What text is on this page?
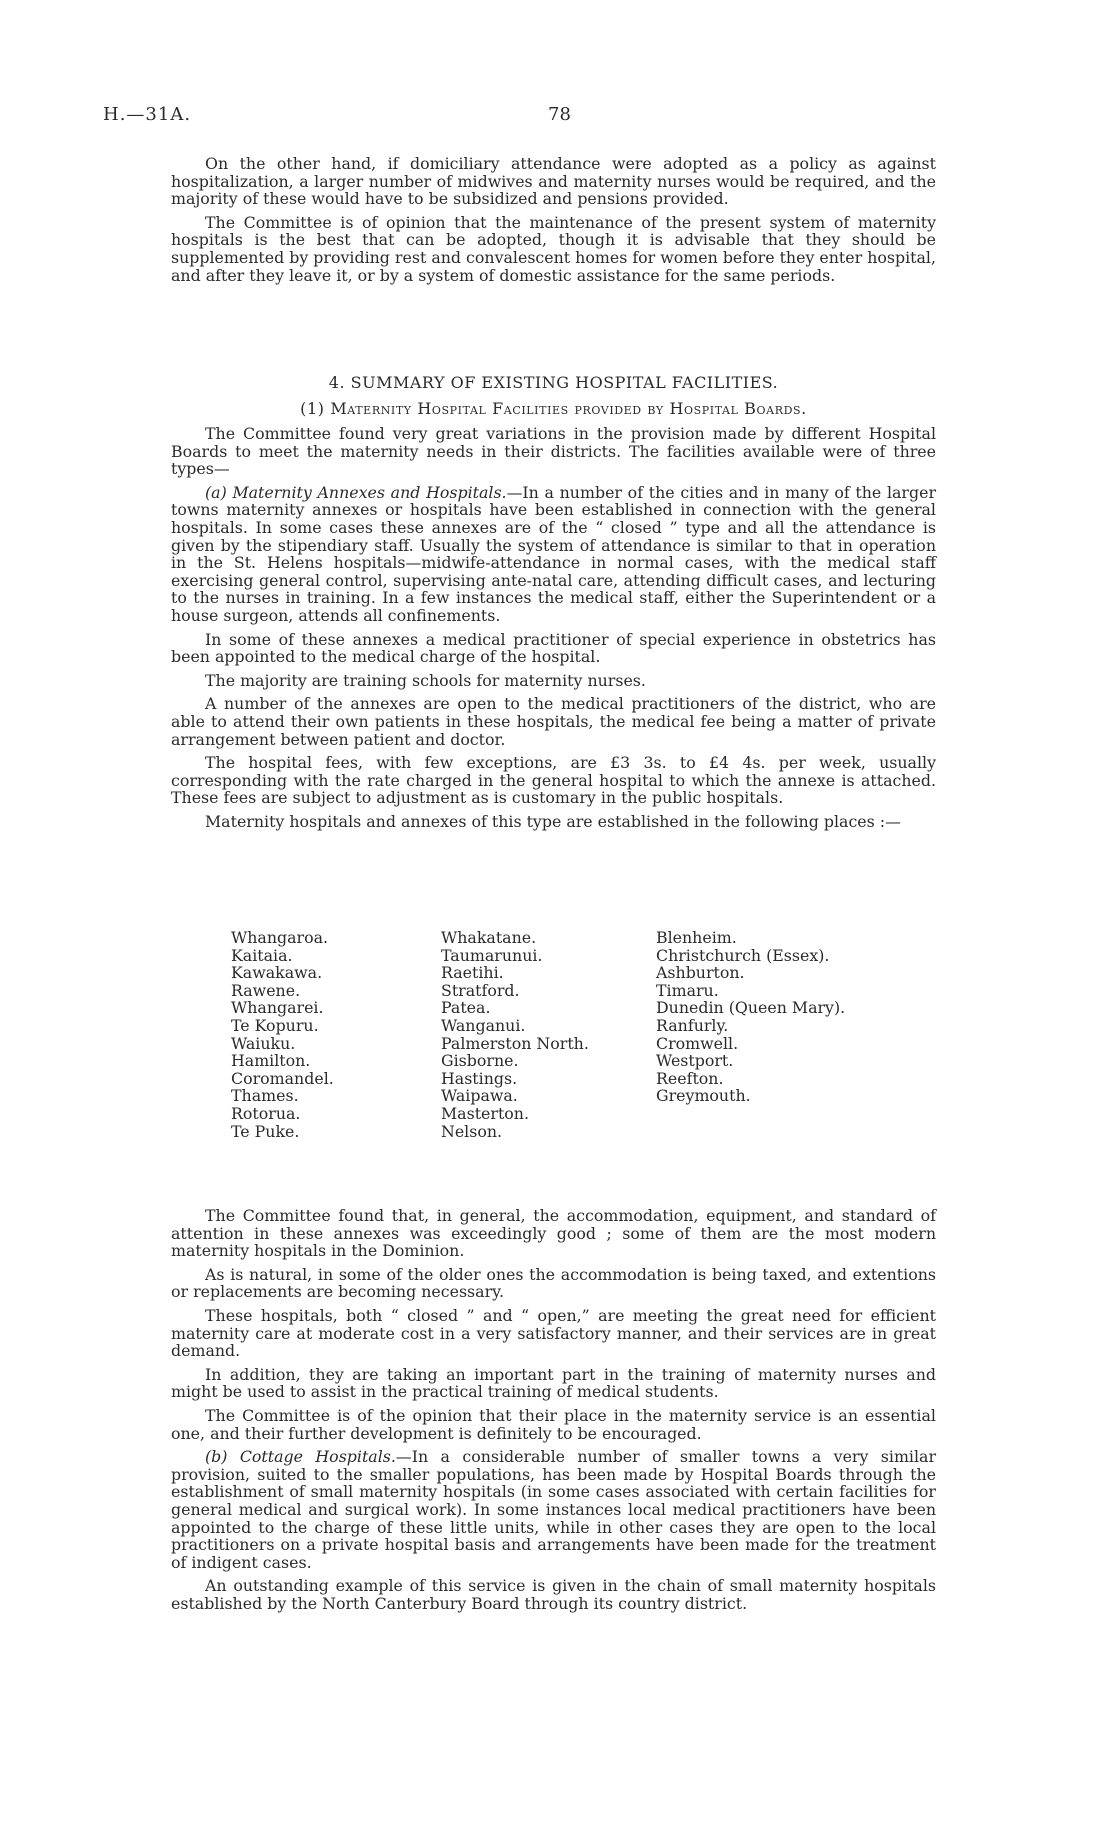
H.—31A.	78

On the other hand, if domiciliary attendance were adopted as a policy as against hospitalization, a larger number of midwives and maternity nurses would be required, and the majority of these would have to be subsidized and pensions provided.

The Committee is of opinion that the maintenance of the present system of maternity hospitals is the best that can be adopted, though it is advisable that they should be supplemented by providing rest and convalescent homes for women before they enter hospital, and after they leave it, or by a system of domestic assistance for the same periods.

4. SUMMARY OF EXISTING HOSPITAL FACILITIES.
(1) Maternity Hospital Facilities provided by Hospital Boards.

The Committee found very great variations in the provision made by different Hospital Boards to meet the maternity needs in their districts. The facilities available were of three types—

(a) Maternity Annexes and Hospitals.—In a number of the cities and in many of the larger towns maternity annexes or hospitals have been established in connection with the general hospitals. In some cases these annexes are of the “ closed ” type and all the attendance is given by the stipendiary staff. Usually the system of attendance is similar to that in operation in the St. Helens hospitals—midwife-attendance in normal cases, with the medical staff exercising general control, supervising ante-natal care, attending difficult cases, and lecturing to the nurses in training. In a few instances the medical staff, either the Superintendent or a house surgeon, attends all confinements.

In some of these annexes a medical practitioner of special experience in obstetrics has been appointed to the medical charge of the hospital.

The majority are training schools for maternity nurses.

A number of the annexes are open to the medical practitioners of the district, who are able to attend their own patients in these hospitals, the medical fee being a matter of private arrangement between patient and doctor.

The hospital fees, with few exceptions, are £3 3s. to £4 4s. per week, usually corresponding with the rate charged in the general hospital to which the annexe is attached. These fees are subject to adjustment as is customary in the public hospitals.

Maternity hospitals and annexes of this type are established in the following places :—

Whangaroa.
Kaitaia.
Kawakawa.
Rawene.
Whangarei.
Te Kopuru.
Waiuku.
Hamilton.
Coromandel.
Thames.
Rotorua.
Te Puke.
Whakatane.
Taumarunui.
Raetihi.
Stratford.
Patea.
Wanganui.
Palmerston North.
Gisborne.
Hastings.
Waipawa.
Masterton.
Nelson.
Blenheim.
Christchurch (Essex).
Ashburton.
Timaru.
Dunedin (Queen Mary).
Ranfurly.
Cromwell.
Westport.
Reefton.
Greymouth.

The Committee found that, in general, the accommodation, equipment, and standard of attention in these annexes was exceedingly good ; some of them are the most modern maternity hospitals in the Dominion.

As is natural, in some of the older ones the accommodation is being taxed, and extentions or replacements are becoming necessary.

These hospitals, both “ closed ” and “ open,” are meeting the great need for efficient maternity care at moderate cost in a very satisfactory manner, and their services are in great demand.

In addition, they are taking an important part in the training of maternity nurses and might be used to assist in the practical training of medical students.

The Committee is of the opinion that their place in the maternity service is an essential one, and their further development is definitely to be encouraged.

(b) Cottage Hospitals.—In a considerable number of smaller towns a very similar provision, suited to the smaller populations, has been made by Hospital Boards through the establishment of small maternity hospitals (in some cases associated with certain facilities for general medical and surgical work). In some instances local medical practitioners have been appointed to the charge of these little units, while in other cases they are open to the local practitioners on a private hospital basis and arrangements have been made for the treatment of indigent cases.

An outstanding example of this service is given in the chain of small maternity hospitals established by the North Canterbury Board through its country district.
